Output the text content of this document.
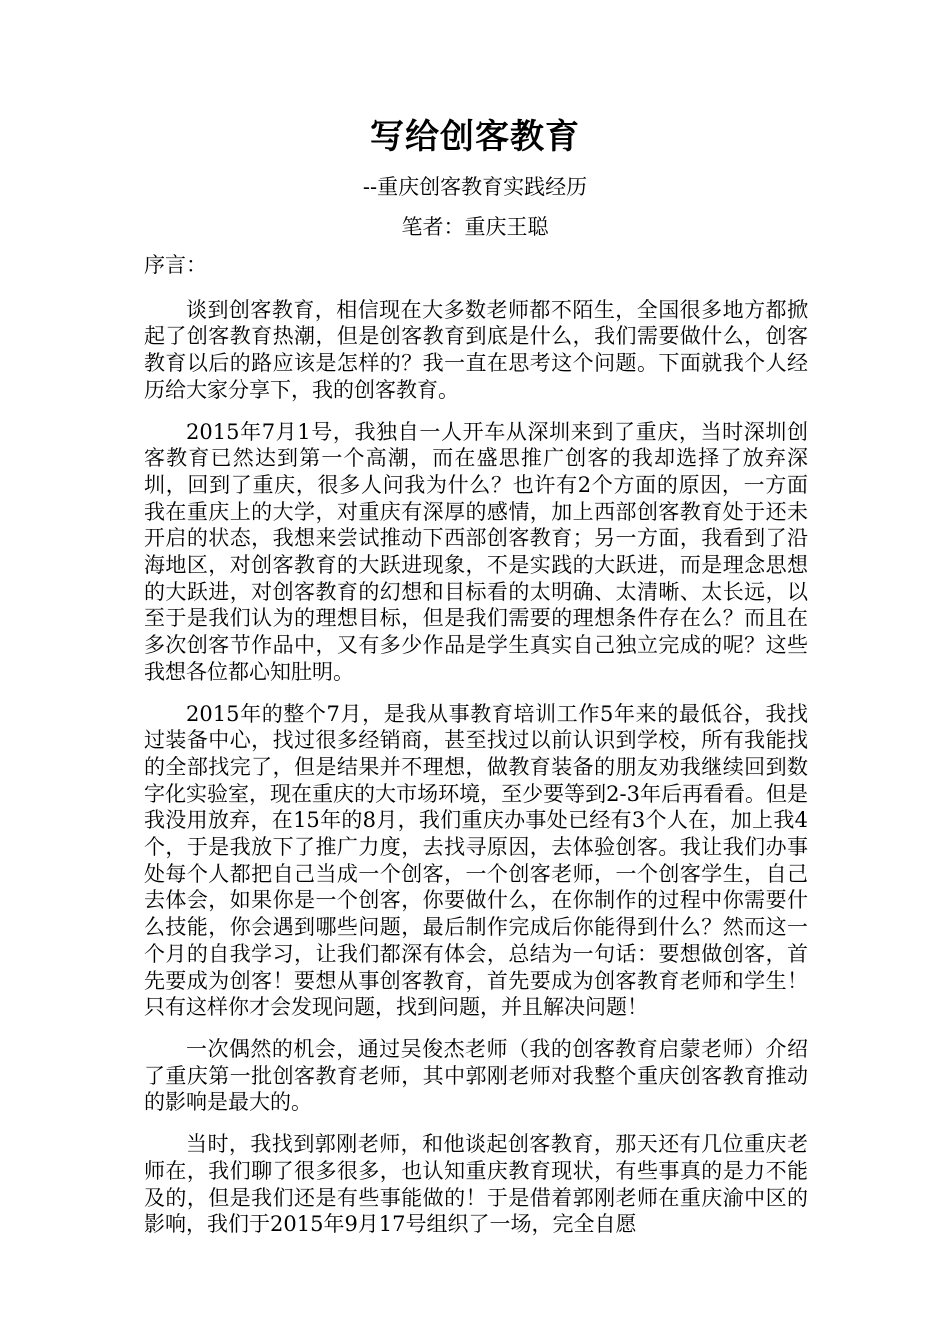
写给创客教育
--重庆创客教育实践经历
笔者：重庆王聪

序言：

谈到创客教育，相信现在大多数老师都不陌生，全国很多地方都掀起了创客教育热潮，但是创客教育到底是什么，我们需要做什么，创客教育以后的路应该是怎样的？我一直在思考这个问题。下面就我个人经历给大家分享下，我的创客教育。

2015年7月1号，我独自一人开车从深圳来到了重庆，当时深圳创客教育已然达到第一个高潮，而在盛思推广创客的我却选择了放弃深圳，回到了重庆，很多人问我为什么？也许有2个方面的原因，一方面我在重庆上的大学，对重庆有深厚的感情，加上西部创客教育处于还未开启的状态，我想来尝试推动下西部创客教育；另一方面，我看到了沿海地区，对创客教育的大跃进现象，不是实践的大跃进，而是理念思想的大跃进，对创客教育的幻想和目标看的太明确、太清晰、太长远，以至于是我们认为的理想目标，但是我们需要的理想条件存在么？而且在多次创客节作品中，又有多少作品是学生真实自己独立完成的呢？这些我想各位都心知肚明。

2015年的整个7月，是我从事教育培训工作5年来的最低谷，我找过装备中心，找过很多经销商，甚至找过以前认识到学校，所有我能找的全部找完了，但是结果并不理想，做教育装备的朋友劝我继续回到数字化实验室，现在重庆的大市场环境，至少要等到2-3年后再看看。但是我没用放弃，在15年的8月，我们重庆办事处已经有3个人在，加上我4个，于是我放下了推广力度，去找寻原因，去体验创客。我让我们办事处每个人都把自己当成一个创客，一个创客老师，一个创客学生，自己去体会，如果你是一个创客，你要做什么，在你制作的过程中你需要什么技能，你会遇到哪些问题，最后制作完成后你能得到什么？然而这一个月的自我学习，让我们都深有体会，总结为一句话：要想做创客，首先要成为创客！要想从事创客教育，首先要成为创客教育老师和学生！只有这样你才会发现问题，找到问题，并且解决问题！

一次偶然的机会，通过吴俊杰老师（我的创客教育启蒙老师）介绍了重庆第一批创客教育老师，其中郭刚老师对我整个重庆创客教育推动的影响是最大的。

当时，我找到郭刚老师，和他谈起创客教育，那天还有几位重庆老师在，我们聊了很多很多，也认知重庆教育现状，有些事真的是力不能及的，但是我们还是有些事能做的！于是借着郭刚老师在重庆渝中区的影响，我们于2015年9月17号组织了一场，完全自愿
